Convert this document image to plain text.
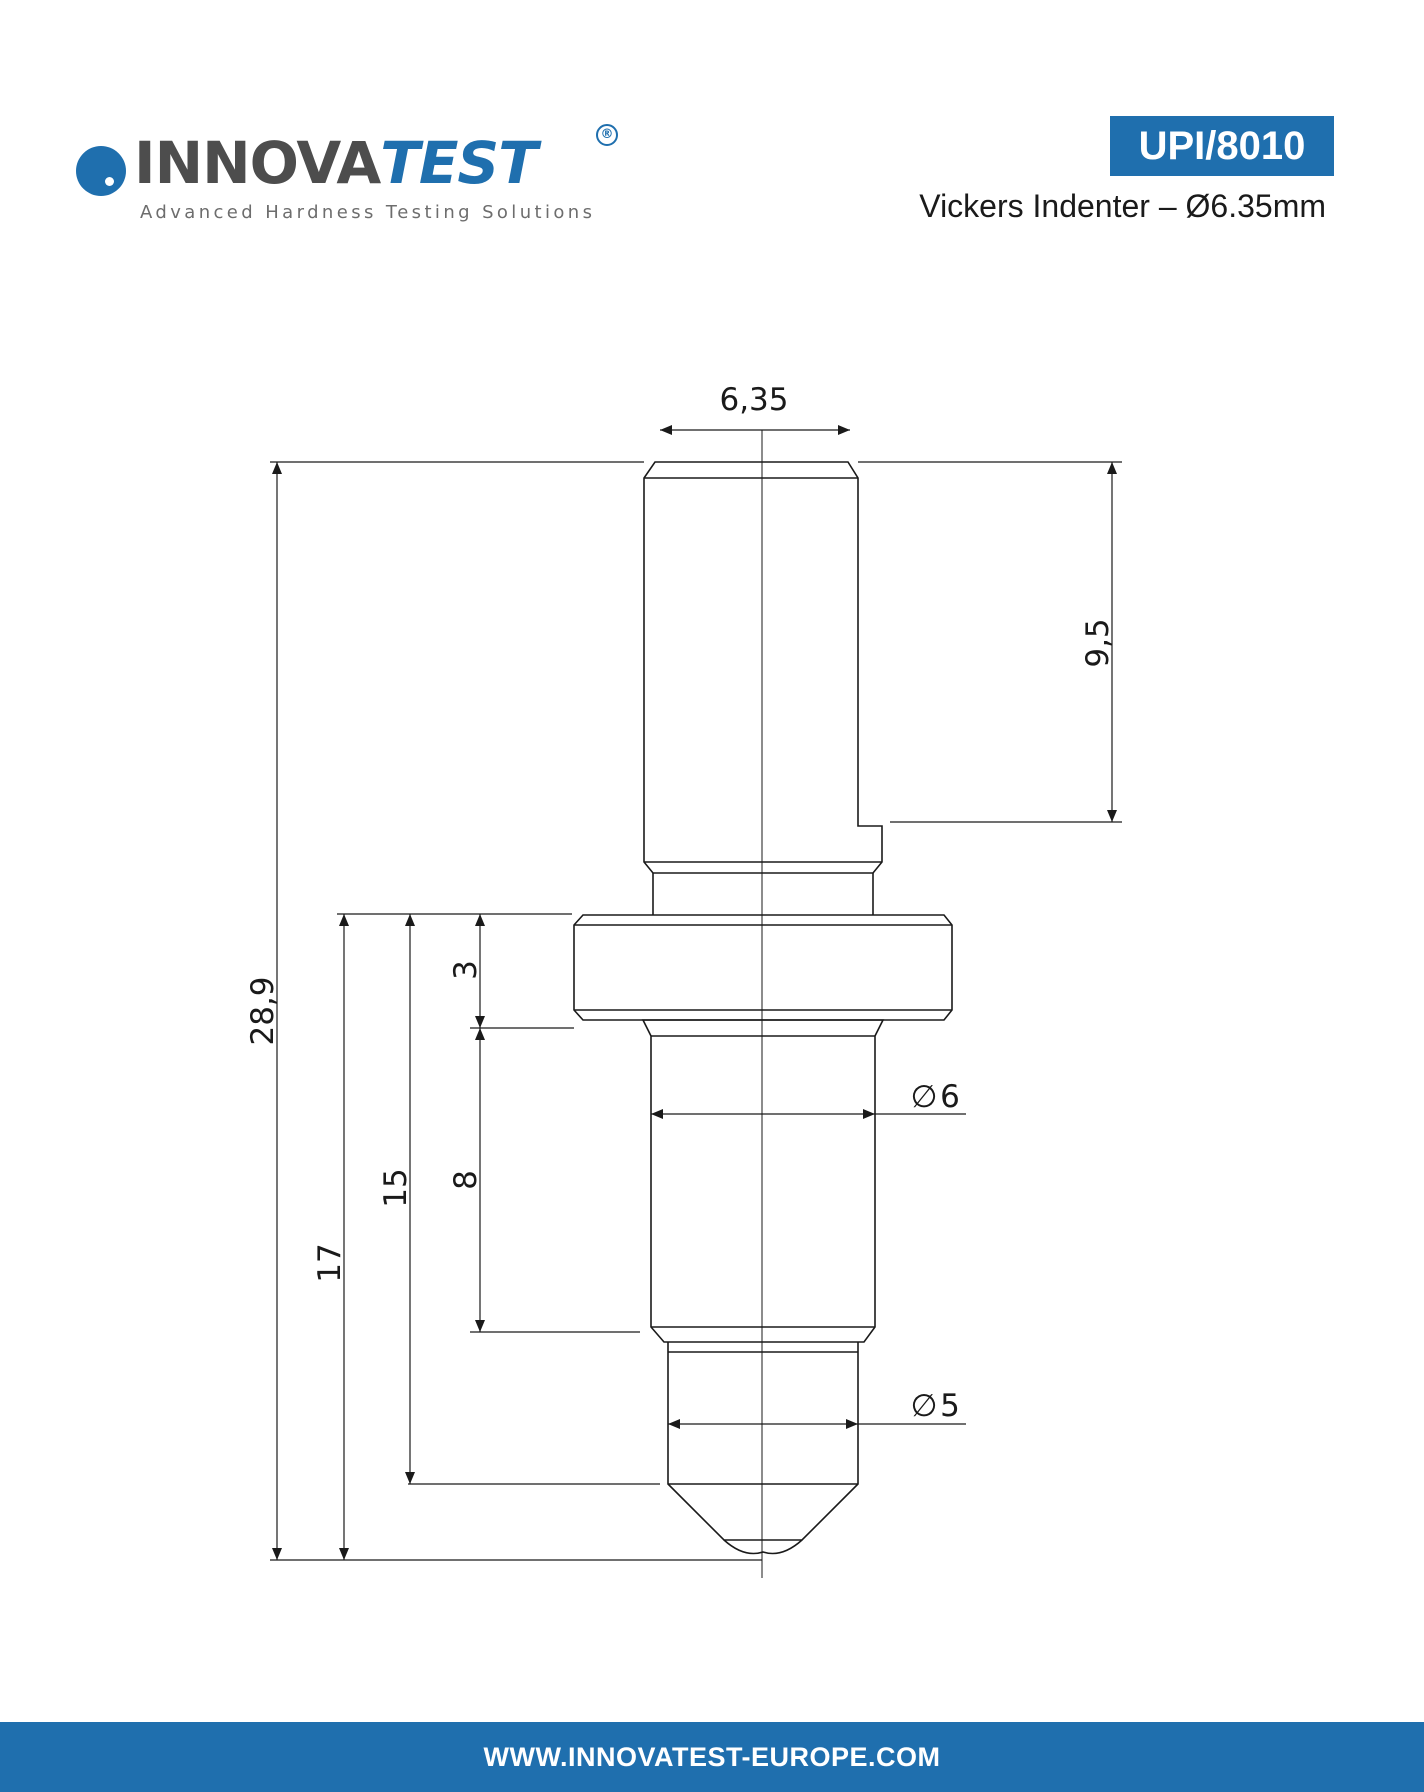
INNOVATEST	®
Advanced Hardness Testing Solutions
UPI/8010
Vickers Indenter – Ø6.35mm
6,35
9,5
28,9
17
15
3
8
∅ 6
∅ 5
WWW.INNOVATEST-EUROPE.COM
